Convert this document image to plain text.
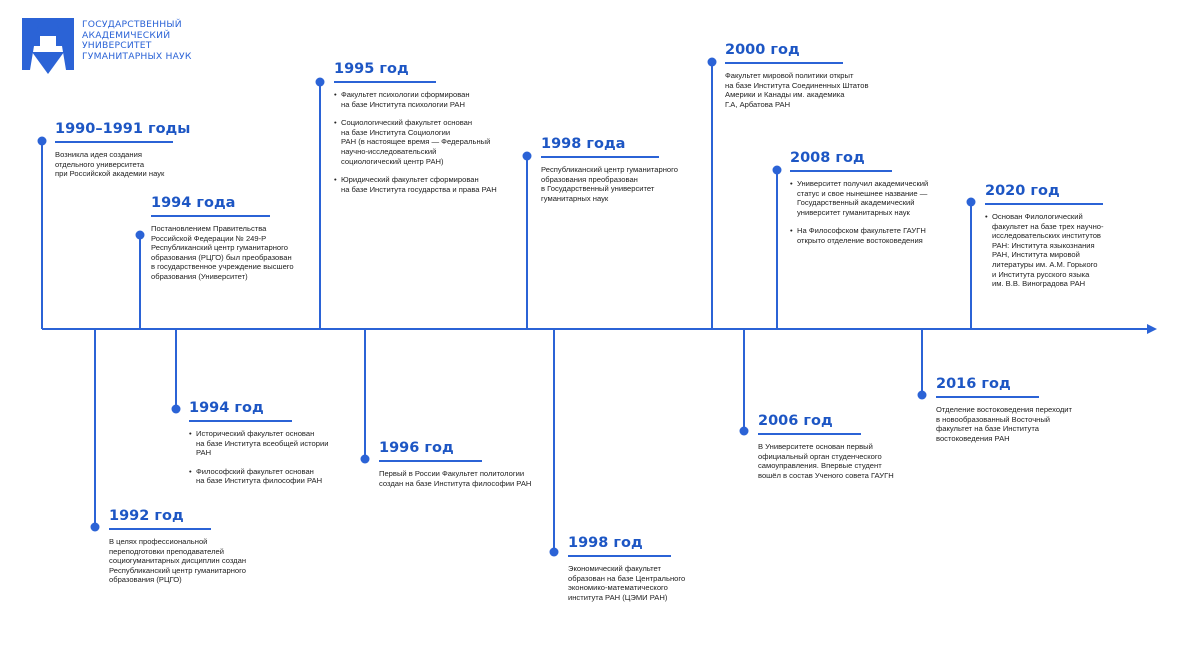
ГОСУДАРСТВЕННЫЙ
АКАДЕМИЧЕСКИЙ
УНИВЕРСИТЕТ
ГУМАНИТАРНЫХ НАУК
1990–1991 годы

Возникла идея создания
отдельного университета
при Российской академии наук

1994 года

Постановлением Правительства
Российской Федерации № 249-Р
Республиканский центр гуманитарного
образования (РЦГО) был преобразован
в государственное учреждение высшего
образования (Университет)

1995 год
• Факультет психологии сформирован
на базе Института психологии РАН
• Социологический факультет основан
на базе Института Социологии
РАН (в настоящее время — Федеральный
научно-исследовательский
социологический центр РАН)
• Юридический факультет сформирован
на базе Института государства и права РАН
1998 года

Республиканский центр гуманитарного
образования преобразован
в Государственный университет
гуманитарных наук

2000 год

Факультет мировой политики открыт
на базе Института Соединенных Штатов
Америки и Канады им. академика
Г.А, Арбатова РАН

2008 год
• Университет получил академический
статус и свое нынешнее название —
Государственный академический
университет гуманитарных наук
• На Философском факультете ГАУГН
открыто отделение востоковедения
2020 год
• Основан Филологический
факультет на базе трех научно-
исследовательских институтов
РАН: Института языкознания
РАН, Института мировой
литературы им. А.М. Горького
и Института русского языка
им. В.В. Виноградова РАН
1992 год

В целях профессиональной
переподготовки преподавателей
социогуманитарных дисциплин создан
Республиканский центр гуманитарного
образования (РЦГО)

1994 год
• Исторический факультет основан
на базе Института всеобщей истории
РАН
• Философский факультет основан
на базе Института философии РАН
1996 год

Первый в России Факультет политологии
создан на базе Института философии РАН

1998 год

Экономический факультет
образован на базе Центрального
экономико-математического
института РАН (ЦЭМИ РАН)

2006 год

В Университете основан первый
официальный орган студенческого
самоуправления. Впервые студент
вошёл в состав Ученого совета ГАУГН

2016 год

Отделение востоковедения переходит
в новообразованный Восточный
факультет на базе Института
востоковедения РАН
